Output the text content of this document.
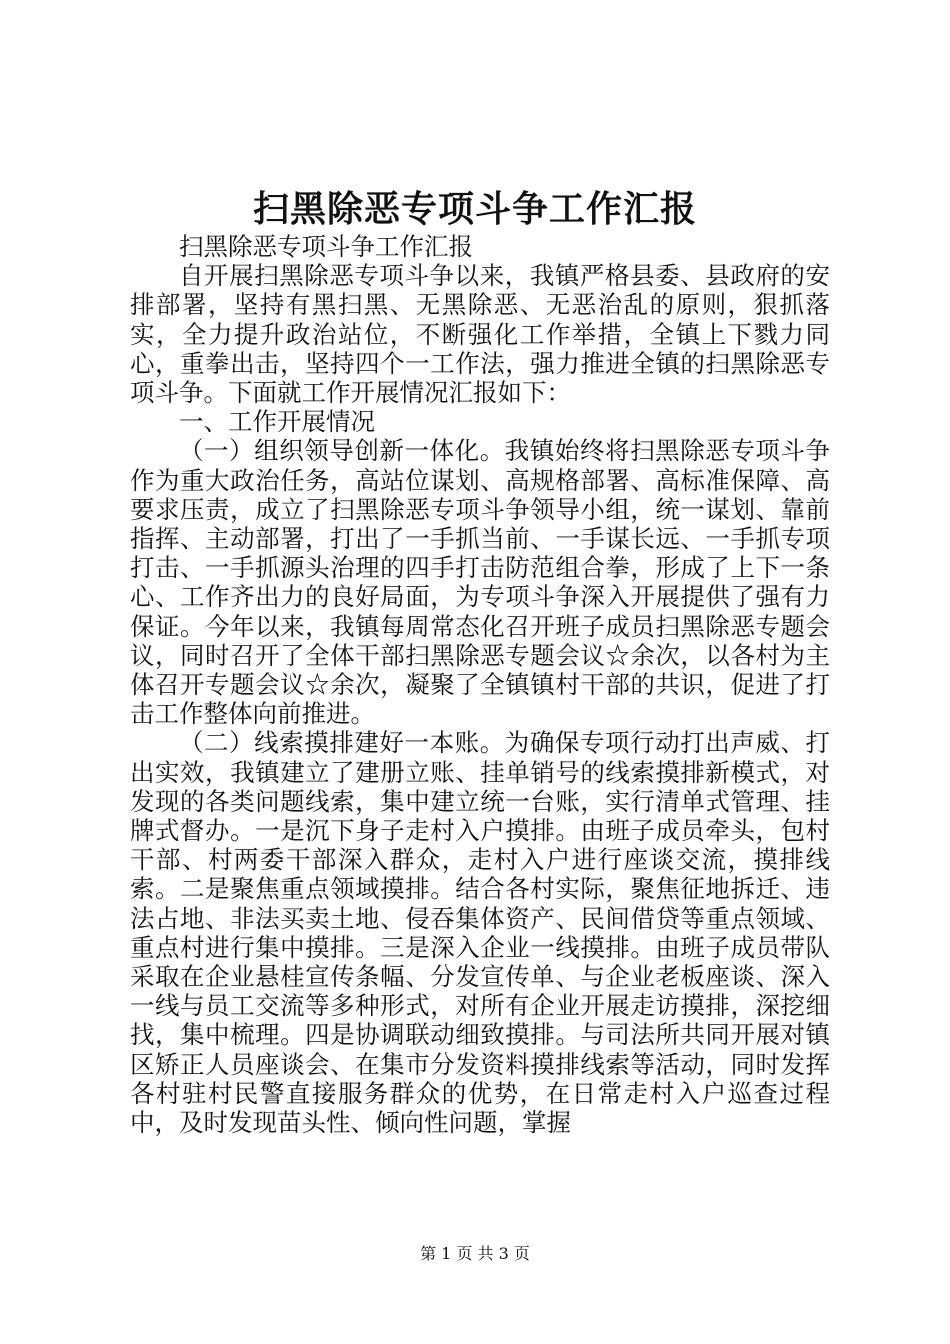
扫黑除恶专项斗争工作汇报

扫黑除恶专项斗争工作汇报

自开展扫黑除恶专项斗争以来，我镇严格县委、县政府的安排部署，坚持有黑扫黑、无黑除恶、无恶治乱的原则，狠抓落实，全力提升政治站位，不断强化工作举措，全镇上下戮力同心，重拳出击，坚持四个一工作法，强力推进全镇的扫黑除恶专项斗争。下面就工作开展情况汇报如下：

一、工作开展情况

（一）组织领导创新一体化。我镇始终将扫黑除恶专项斗争作为重大政治任务，高站位谋划、高规格部署、高标准保障、高要求压责，成立了扫黑除恶专项斗争领导小组，统一谋划、靠前指挥、主动部署，打出了一手抓当前、一手谋长远、一手抓专项打击、一手抓源头治理的四手打击防范组合拳，形成了上下一条心、工作齐出力的良好局面，为专项斗争深入开展提供了强有力保证。今年以来，我镇每周常态化召开班子成员扫黑除恶专题会议，同时召开了全体干部扫黑除恶专题会议☆余次，以各村为主体召开专题会议☆余次，凝聚了全镇镇村干部的共识，促进了打击工作整体向前推进。

（二）线索摸排建好一本账。为确保专项行动打出声威、打出实效，我镇建立了建册立账、挂单销号的线索摸排新模式，对发现的各类问题线索，集中建立统一台账，实行清单式管理、挂牌式督办。一是沉下身子走村入户摸排。由班子成员牵头，包村干部、村两委干部深入群众，走村入户进行座谈交流，摸排线索。二是聚焦重点领域摸排。结合各村实际，聚焦征地拆迁、违法占地、非法买卖土地、侵吞集体资产、民间借贷等重点领域、重点村进行集中摸排。三是深入企业一线摸排。由班子成员带队采取在企业悬桂宣传条幅、分发宣传单、与企业老板座谈、深入一线与员工交流等多种形式，对所有企业开展走访摸排，深挖细找，集中梳理。四是协调联动细致摸排。与司法所共同开展对镇区矫正人员座谈会、在集市分发资料摸排线索等活动，同时发挥各村驻村民警直接服务群众的优势，在日常走村入户巡查过程中，及时发现苗头性、倾向性问题，掌握

第 1 页 共 3 页
